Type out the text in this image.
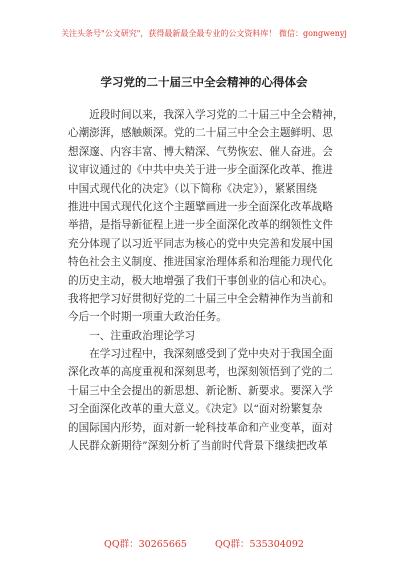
关注头条号"公文研究"，获得最新最全最专业的公文资料库！ 微信：gongwenyj
学习党的二十届三中全会精神的心得体会
　　近段时间以来，我深入学习党的二十届三中全会精神，
心潮澎湃，感触颇深。党的二十届三中全会主题鲜明、思
想深邃、内容丰富、博大精深、气势恢宏、催人奋进。会
议审议通过的《中共中央关于进一步全面深化改革、推进
中国式现代化的决定》（以下简称《决定》），紧紧围绕
推进中国式现代化这个主题擘画进一步全面深化改革战略
举措，是指导新征程上进一步全面深化改革的纲领性文件
充分体现了以习近平同志为核心的党中央完善和发展中国
特色社会主义制度、推进国家治理体系和治理能力现代化
的历史主动，极大地增强了我们干事创业的信心和决心。
我将把学习好贯彻好党的二十届三中全会精神作为当前和
今后一个时期一项重大政治任务。
　　一、注重政治理论学习
　　在学习过程中，我深刻感受到了党中央对于我国全面
深化改革的高度重视和深刻思考，也深刻领悟到了党的二
十届三中全会提出的新思想、新论断、新要求。要深入学
习全面深化改革的重大意义。《决定》以“面对纷繁复杂
的国际国内形势，面对新一轮科技革命和产业变革，面对
人民群众新期待”深刻分析了当前时代背景下继续把改革
QQ群：30265665	QQ群：535304092
